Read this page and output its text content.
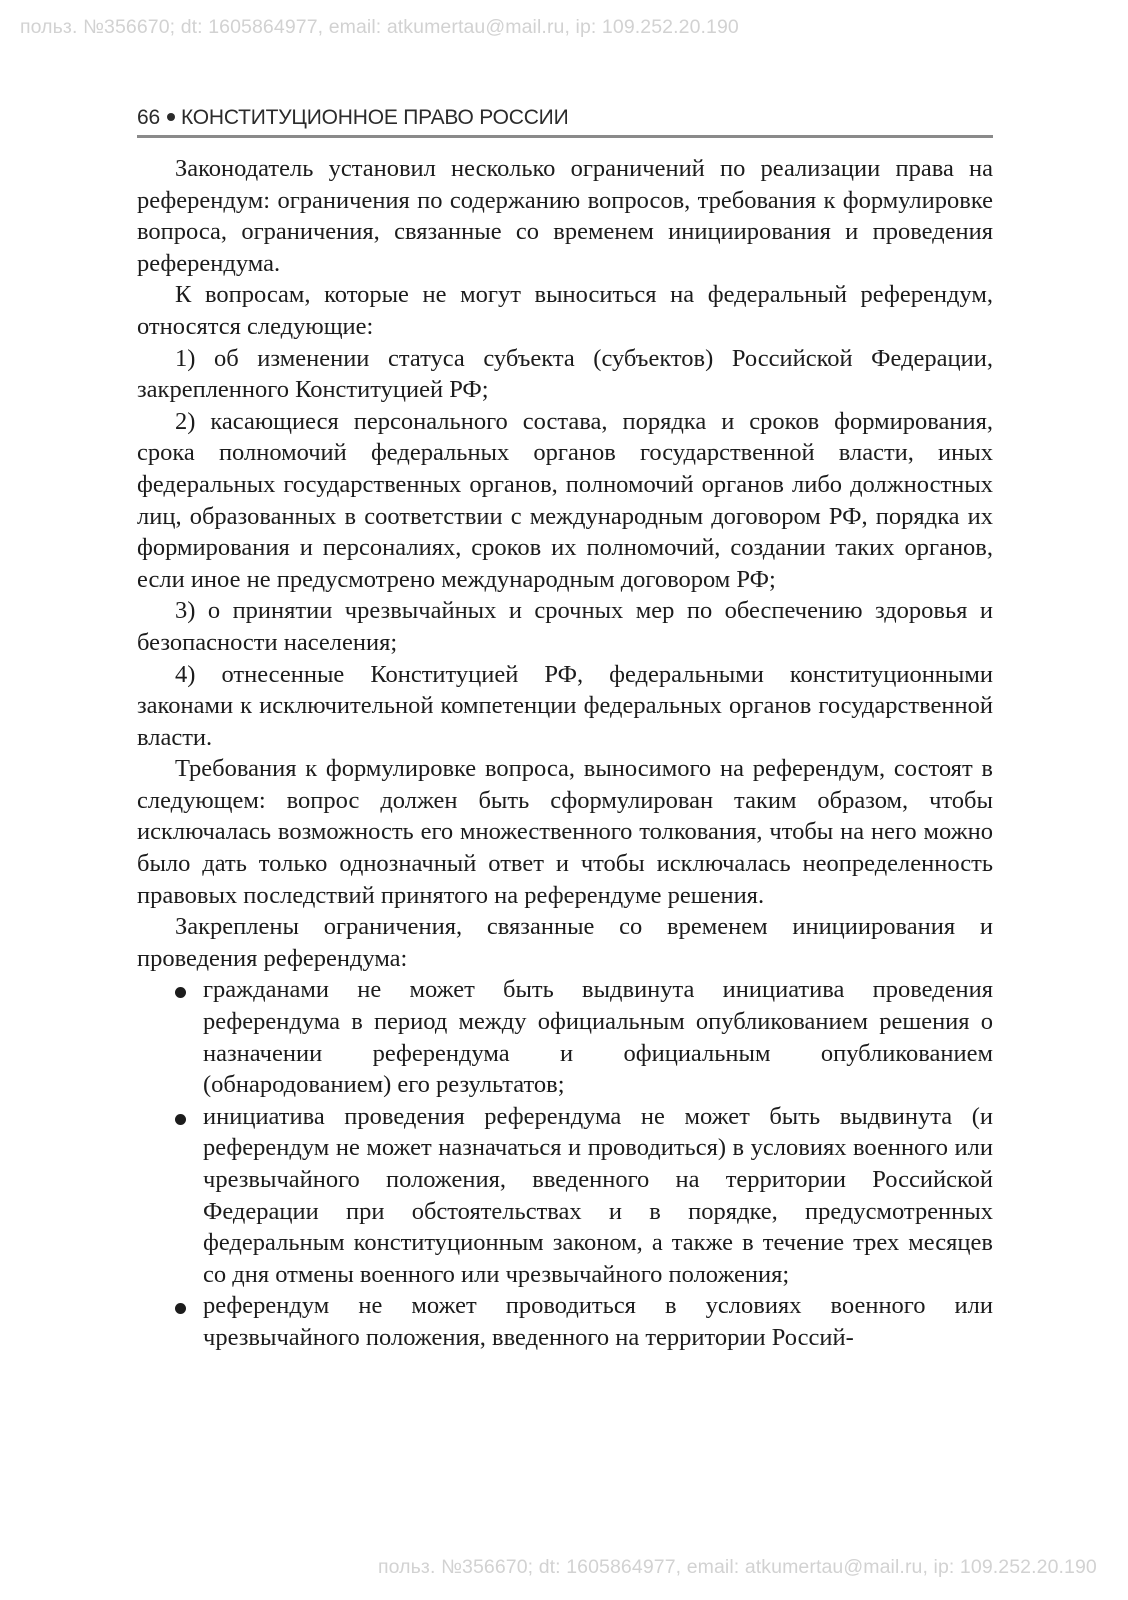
польз. №356670; dt: 1605864977, email: atkumertau@mail.ru, ip: 109.252.20.190
66 КОНСТИТУЦИОННОЕ ПРАВО РОССИИ

Законодатель установил несколько ограничений по реализации права на референдум: ограничения по содержанию вопросов, требования к формулировке вопроса, ограничения, связанные со временем инициирования и проведения референдума.

К вопросам, которые не могут выноситься на федеральный референдум, относятся следующие:

1) об изменении статуса субъекта (субъектов) Российской Федерации, закрепленного Конституцией РФ;

2) касающиеся персонального состава, порядка и сроков формирования, срока полномочий федеральных органов государственной власти, иных федеральных государственных органов, полномочий органов либо должностных лиц, образованных в соответствии с международным договором РФ, порядка их формирования и персоналиях, сроков их полномочий, создании таких органов, если иное не предусмотрено международным договором РФ;

3) о принятии чрезвычайных и срочных мер по обеспечению здоровья и безопасности населения;

4) отнесенные Конституцией РФ, федеральными конституционными законами к исключительной компетенции федеральных органов государственной власти.

Требования к формулировке вопроса, выносимого на референдум, состоят в следующем: вопрос должен быть сформулирован таким образом, чтобы исключалась возможность его множественного толкования, чтобы на него можно было дать только однозначный ответ и чтобы исключалась неопределенность правовых последствий принятого на референдуме решения.

Закреплены ограничения, связанные со временем инициирования и проведения референдума:

гражданами не может быть выдвинута инициатива проведения референдума в период между официальным опубликованием решения о назначении референдума и официальным опубликованием (обнародованием) его результатов;
инициатива проведения референдума не может быть выдвинута (и референдум не может назначаться и проводиться) в условиях военного или чрезвычайного положения, введенного на территории Российской Федерации при обстоятельствах и в порядке, предусмотренных федеральным конституционным законом, а также в течение трех месяцев со дня отмены военного или чрезвычайного положения;
референдум не может проводиться в условиях военного или чрезвычайного положения, введенного на территории Россий-
польз. №356670; dt: 1605864977, email: atkumertau@mail.ru, ip: 109.252.20.190
